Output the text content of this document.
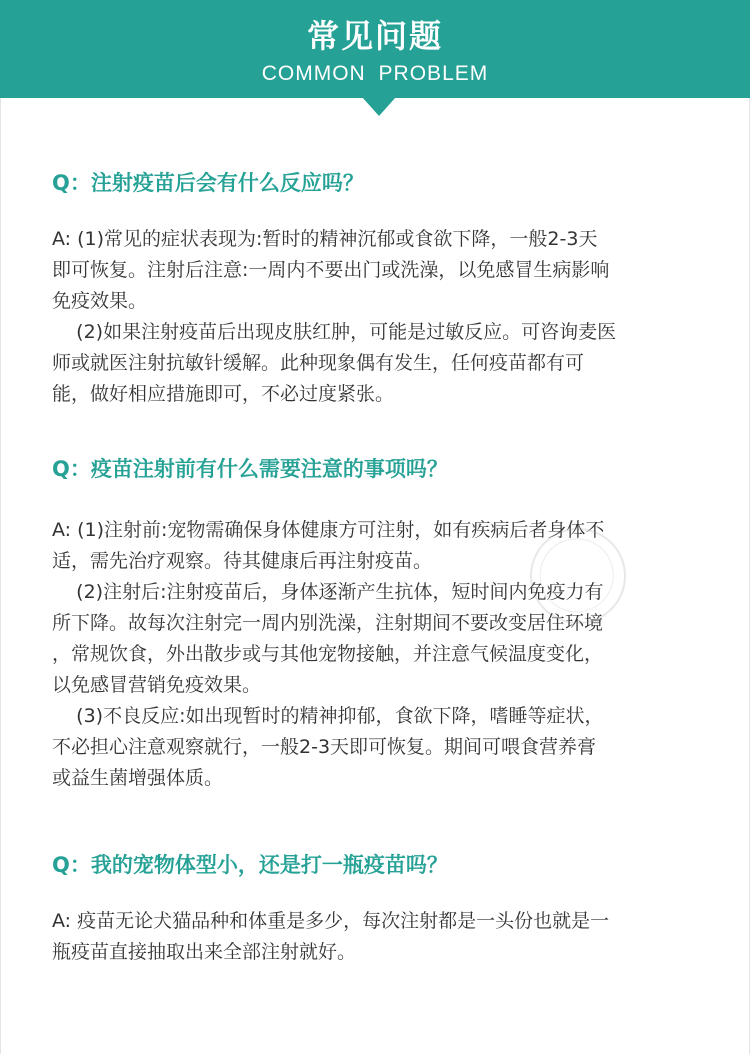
常见问题
COMMON PROBLEM
Q：注射疫苗后会有什么反应吗？

A: (1)常见的症状表现为:暂时的精神沉郁或食欲下降，一般2-3天

即可恢复。注射后注意:一周内不要出门或洗澡，以免感冒生病影响

免疫效果。

(2)如果注射疫苗后出现皮肤红肿，可能是过敏反应。可咨询麦医

师或就医注射抗敏针缓解。此种现象偶有发生，任何疫苗都有可

能，做好相应措施即可，不必过度紧张。

Q：疫苗注射前有什么需要注意的事项吗？

A: (1)注射前:宠物需确保身体健康方可注射，如有疾病后者身体不

适，需先治疗观察。待其健康后再注射疫苗。

(2)注射后:注射疫苗后，身体逐渐产生抗体，短时间内免疫力有

所下降。故每次注射完一周内别洗澡，注射期间不要改变居住环境

，常规饮食，外出散步或与其他宠物接触，并注意气候温度变化，

以免感冒营销免疫效果。

(3)不良反应:如出现暂时的精神抑郁，食欲下降，嗜睡等症状，

不必担心注意观察就行，一般2-3天即可恢复。期间可喂食营养膏

或益生菌增强体质。

Q：我的宠物体型小，还是打一瓶疫苗吗？

A: 疫苗无论犬猫品种和体重是多少，每次注射都是一头份也就是一

瓶疫苗直接抽取出来全部注射就好。
